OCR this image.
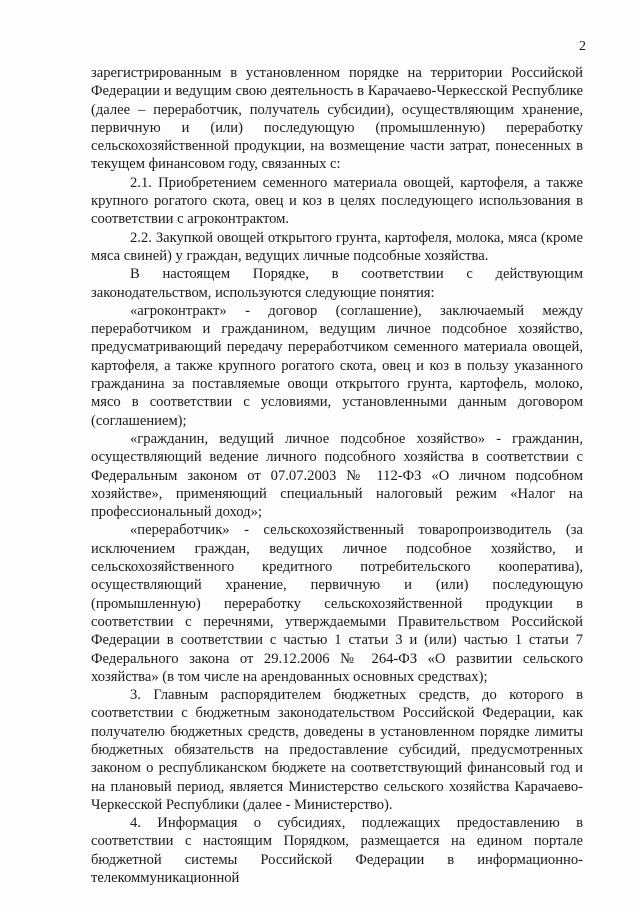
2

зарегистрированным в установленном порядке на территории Российской Федерации и ведущим свою деятельность в Карачаево-Черкесской Республике (далее – переработчик, получатель субсидии), осуществляющим хранение, первичную и (или) последующую (промышленную) переработку сельскохозяйственной продукции, на возмещение части затрат, понесенных в текущем финансовом году, связанных с:

2.1. Приобретением семенного материала овощей, картофеля, а также крупного рогатого скота, овец и коз в целях последующего использования в соответствии с агроконтрактом.

2.2. Закупкой овощей открытого грунта, картофеля, молока, мяса (кроме мяса свиней) у граждан, ведущих личные подсобные хозяйства.

В настоящем Порядке, в соответствии с действующим законодательством, используются следующие понятия:

«агроконтракт» - договор (соглашение), заключаемый между переработчиком и гражданином, ведущим личное подсобное хозяйство, предусматривающий передачу переработчиком семенного материала овощей, картофеля, а также крупного рогатого скота, овец и коз в пользу указанного гражданина за поставляемые овощи открытого грунта, картофель, молоко, мясо в соответствии с условиями, установленными данным договором (соглашением);

«гражданин, ведущий личное подсобное хозяйство» - гражданин, осуществляющий ведение личного подсобного хозяйства в соответствии с Федеральным законом от 07.07.2003 № 112-ФЗ «О личном подсобном хозяйстве», применяющий специальный налоговый режим «Налог на профессиональный доход»;

«переработчик» - сельскохозяйственный товаропроизводитель (за исключением граждан, ведущих личное подсобное хозяйство, и сельскохозяйственного кредитного потребительского кооператива), осуществляющий хранение, первичную и (или) последующую (промышленную) переработку сельскохозяйственной продукции в соответствии с перечнями, утверждаемыми Правительством Российской Федерации в соответствии с частью 1 статьи 3 и (или) частью 1 статьи 7 Федерального закона от 29.12.2006 № 264-ФЗ «О развитии сельского хозяйства» (в том числе на арендованных основных средствах);

3. Главным распорядителем бюджетных средств, до которого в соответствии с бюджетным законодательством Российской Федерации, как получателю бюджетных средств, доведены в установленном порядке лимиты бюджетных обязательств на предоставление субсидий, предусмотренных законом о республиканском бюджете на соответствующий финансовый год и на плановый период, является Министерство сельского хозяйства Карачаево-Черкесской Республики (далее - Министерство).

4. Информация о субсидиях, подлежащих предоставлению в соответствии с настоящим Порядком, размещается на едином портале бюджетной системы Российской Федерации в информационно-телекоммуникационной
